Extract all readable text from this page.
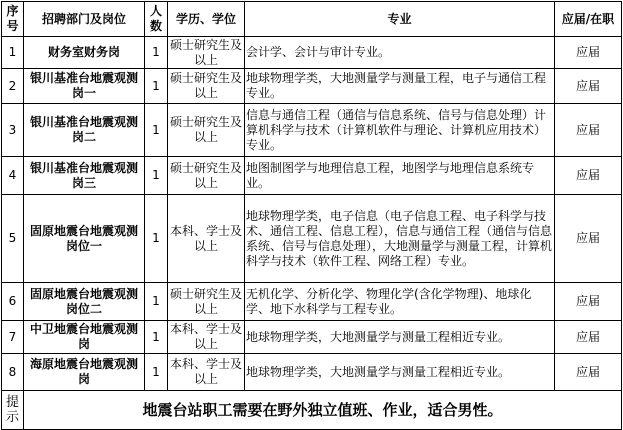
序号	招聘部门及岗位	人数	学历、学位	专业	应届/在职
1	财务室财务岗	1	硕士研究生及以上	会计学、会计与审计专业。	应届
2	银川基准台地震观测岗一	1	硕士研究生及以上	地球物理学类，大地测量学与测量工程，电子与通信工程专业。	应届
3	银川基准台地震观测岗二	1	硕士研究生及以上	信息与通信工程（通信与信息系统、信号与信息处理）计算机科学与技术（计算机软件与理论、计算机应用技术）专业。	应届
4	银川基准台地震观测岗三	1	硕士研究生及以上	地图制图学与地理信息工程，地图学与地理信息系统专业。	应届
5	固原地震台地震观测岗位一	1	本科、学士及以上	地球物理学类，电子信息（电子信息工程、电子科学与技术、通信工程、信息工程），信息与通信工程（通信与信息系统、信号与信息处理），大地测量学与测量工程，计算机科学与技术（软件工程、网络工程）专业。	应届
6	固原地震台地震观测岗位二	1	硕士研究生及以上	无机化学、分析化学、物理化学(含化学物理)、地球化学、地下水科学与工程专业。	应届
7	中卫地震台地震观测岗	1	本科、学士及以上	地球物理学类，大地测量学与测量工程相近专业。	应届
8	海原地震台地震观测岗	1	本科、学士及以上	地球物理学类，大地测量学与测量工程相近专业。	应届
提示	地震台站职工需要在野外独立值班、作业，适合男性。				
